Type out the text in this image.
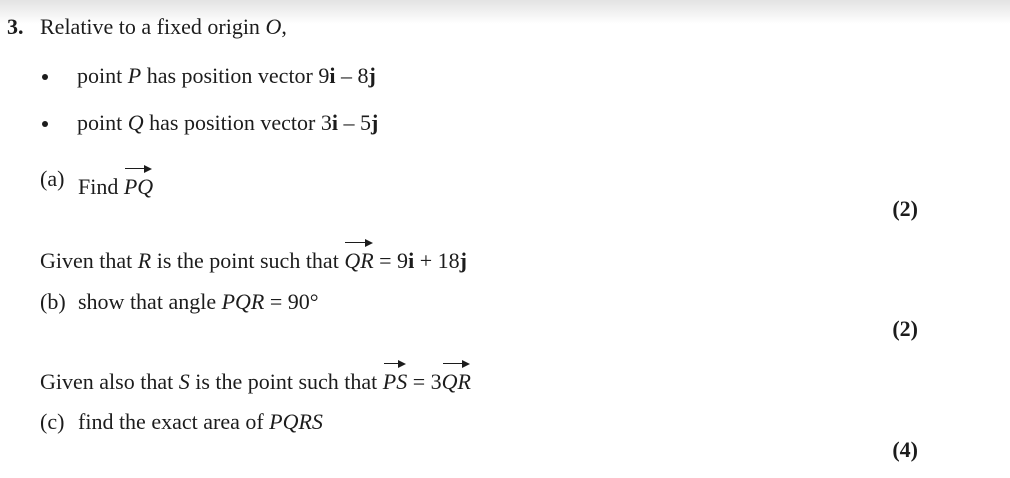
3. Relative to a fixed origin O,
point P has position vector 9i – 8j
point Q has position vector 3i – 5j
(a) Find PQ
(2)
Given that R is the point such that QR = 9i + 18j
(b) show that angle PQR = 90°
(2)
Given also that S is the point such that PS = 3QR
(c) find the exact area of PQRS
(4)
